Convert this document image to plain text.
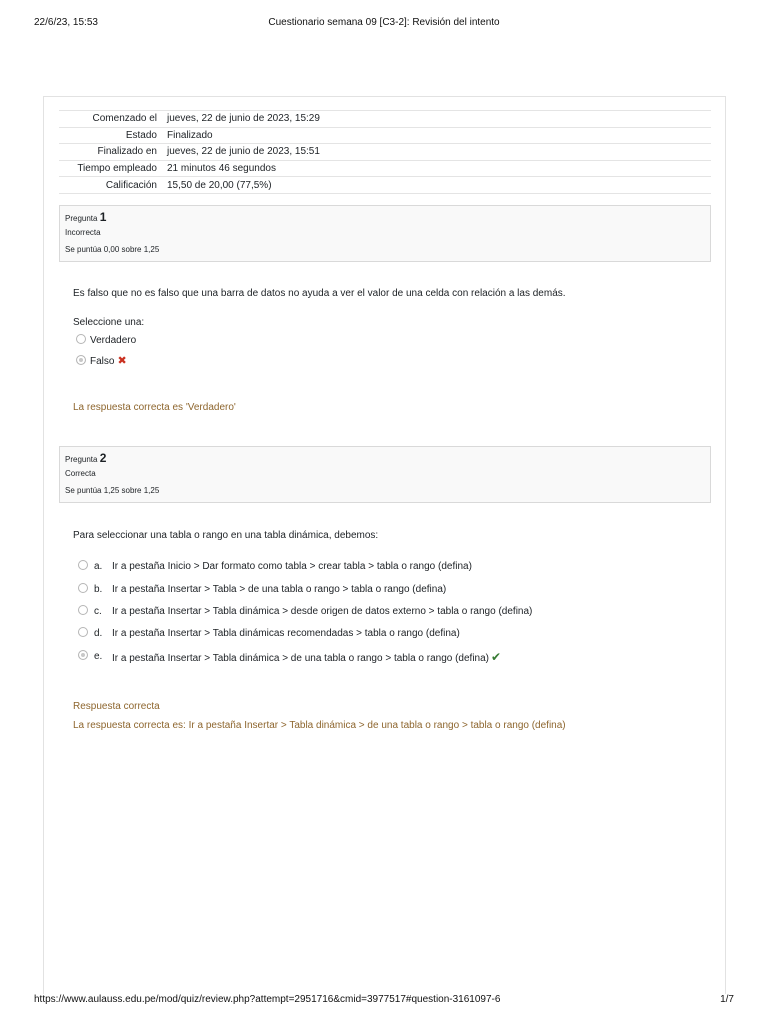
22/6/23, 15:53	Cuestionario semana 09 [C3-2]: Revisión del intento
Comenzado el	jueves, 22 de junio de 2023, 15:29
Estado	Finalizado
Finalizado en	jueves, 22 de junio de 2023, 15:51
Tiempo empleado	21 minutos 46 segundos
Calificación	15,50 de 20,00 (77,5%)
Pregunta 1
Incorrecta
Se puntúa 0,00 sobre 1,25
Es falso que no es falso que una barra de datos no ayuda a ver el valor de una celda con relación a las demás.
Seleccione una:
Verdadero
Falso ✖
La respuesta correcta es 'Verdadero'
Pregunta 2
Correcta
Se puntúa 1,25 sobre 1,25
Para seleccionar una tabla o rango en una tabla dinámica, debemos:
a. Ir a pestaña Inicio > Dar formato como tabla > crear tabla > tabla o rango (defina)
b. Ir a pestaña Insertar > Tabla > de una tabla o rango > tabla o rango (defina)
c. Ir a pestaña Insertar > Tabla dinámica > desde origen de datos externo > tabla o rango (defina)
d. Ir a pestaña Insertar > Tabla dinámicas recomendadas > tabla o rango (defina)
e. Ir a pestaña Insertar > Tabla dinámica > de una tabla o rango > tabla o rango (defina) ✔
Respuesta correcta
La respuesta correcta es: Ir a pestaña Insertar > Tabla dinámica > de una tabla o rango > tabla o rango (defina)
https://www.aulauss.edu.pe/mod/quiz/review.php?attempt=2951716&cmid=3977517#question-3161097-6	1/7
